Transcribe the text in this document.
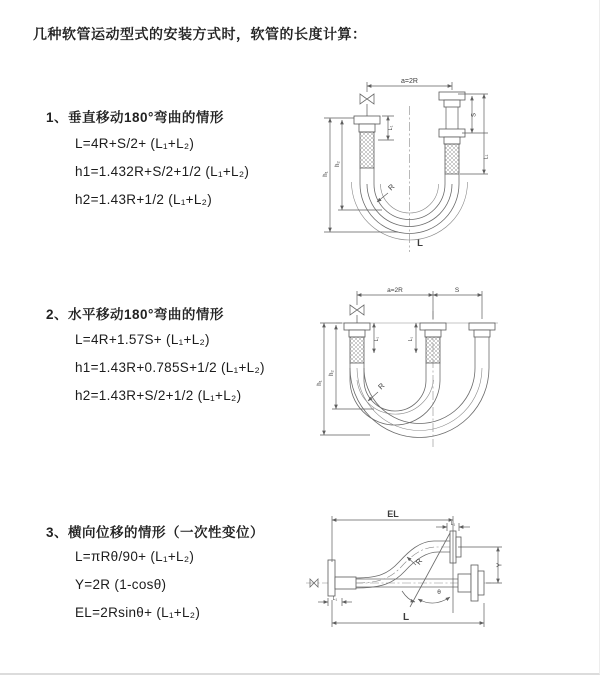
几种软管运动型式的安装方式时，软管的长度计算：
1、垂直移动180°弯曲的情形
L=4R+S/2+ (L₁+L₂)
h1=1.432R+S/2+1/2 (L₁+L₂)
h2=1.43R+1/2 (L₁+L₂)
2、水平移动180°弯曲的情形
L=4R+1.57S+ (L₁+L₂)
h1=1.43R+0.785S+1/2 (L₁+L₂)
h2=1.43R+S/2+1/2 (L₁+L₂)
3、横向位移的情形（一次性变位）
L=πRθ/90+ (L₁+L₂)
Y=2R (1-cosθ)
EL=2Rsinθ+ (L₁+L₂)
a=2R
h₁
h₂
L₁
S
L₁
R
L
a=2R	S
h₁
h₂
L₁	L₁
R
EL
L₁
L₁
Y
L
R
θ
